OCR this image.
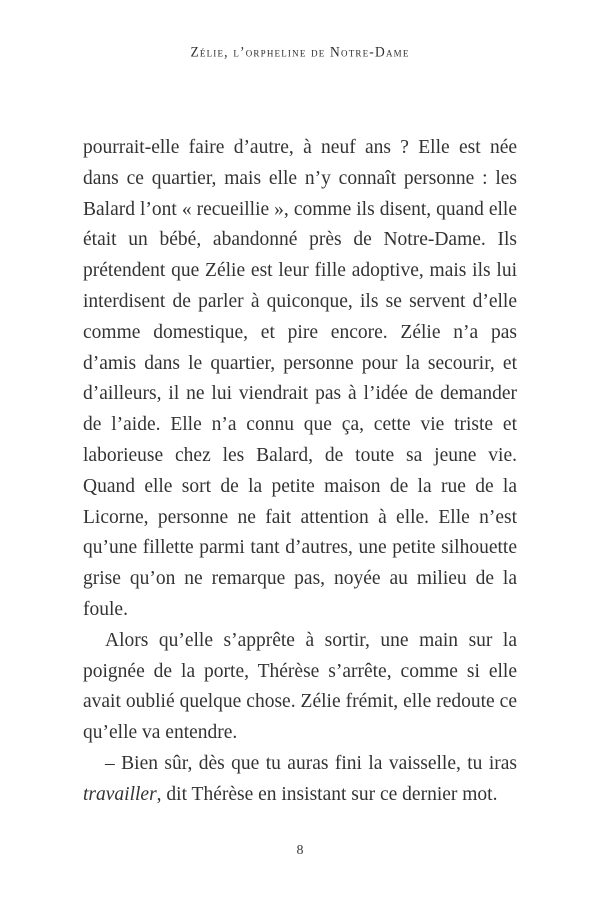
Zélie, l’orpheline de Notre-Dame

pourrait-elle faire d’autre, à neuf ans ? Elle est née dans ce quartier, mais elle n’y connaît personne : les Balard l’ont « recueillie », comme ils disent, quand elle était un bébé, abandonné près de Notre-Dame. Ils prétendent que Zélie est leur fille adoptive, mais ils lui interdisent de parler à quiconque, ils se servent d’elle comme domestique, et pire encore. Zélie n’a pas d’amis dans le quartier, personne pour la secourir, et d’ailleurs, il ne lui viendrait pas à l’idée de demander de l’aide. Elle n’a connu que ça, cette vie triste et laborieuse chez les Balard, de toute sa jeune vie. Quand elle sort de la petite maison de la rue de la Licorne, personne ne fait attention à elle. Elle n’est qu’une fillette parmi tant d’autres, une petite silhouette grise qu’on ne remarque pas, noyée au milieu de la foule.

Alors qu’elle s’apprête à sortir, une main sur la poignée de la porte, Thérèse s’arrête, comme si elle avait oublié quelque chose. Zélie frémit, elle redoute ce qu’elle va entendre.

– Bien sûr, dès que tu auras fini la vaisselle, tu iras travailler, dit Thérèse en insistant sur ce dernier mot.

8
